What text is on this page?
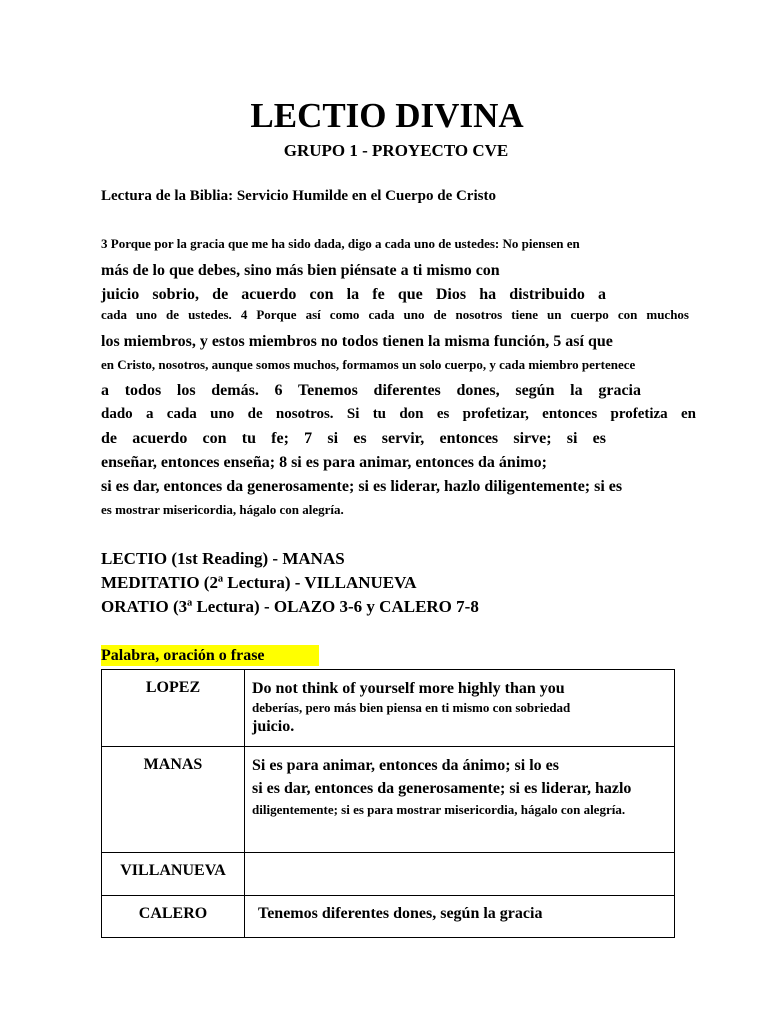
LECTIO DIVINA
GRUPO 1 - PROYECTO CVE
Lectura de la Biblia: Servicio Humilde en el Cuerpo de Cristo
3 Porque por la gracia que me ha sido dada, digo a cada uno de ustedes: No piensen en
más de lo que debes, sino más bien piénsate a ti mismo con
juicio sobrio, de acuerdo con la fe que Dios ha distribuido a
cada uno de ustedes. 4 Porque así como cada uno de nosotros tiene un cuerpo con muchos
los miembros, y estos miembros no todos tienen la misma función, 5 así que
en Cristo, nosotros, aunque somos muchos, formamos un solo cuerpo, y cada miembro pertenece
a todos los demás. 6 Tenemos diferentes dones, según la gracia
dado a cada uno de nosotros. Si tu don es profetizar, entonces profetiza en
de acuerdo con tu fe; 7 si es servir, entonces sirve; si es
enseñar, entonces enseña; 8 si es para animar, entonces da ánimo;
si es dar, entonces da generosamente; si es liderar, hazlo diligentemente; si es
es mostrar misericordia, hágalo con alegría.
LECTIO (1st Reading) - MANAS
MEDITATIO (2ª Lectura) - VILLANUEVA
ORATIO (3ª Lectura) - OLAZO 3-6 y CALERO 7-8
Palabra, oración o frase
LOPEZ	Do not think of yourself more highly than you
deberías, pero más bien piensa en ti mismo con sobriedad
juicio.

MANAS	Si es para animar, entonces da ánimo; si lo es
si es dar, entonces da generosamente; si es liderar, hazlo
diligentemente; si es para mostrar misericordia, hágalo con alegría.

VILLANUEVA	
CALERO	Tenemos diferentes dones, según la gracia
